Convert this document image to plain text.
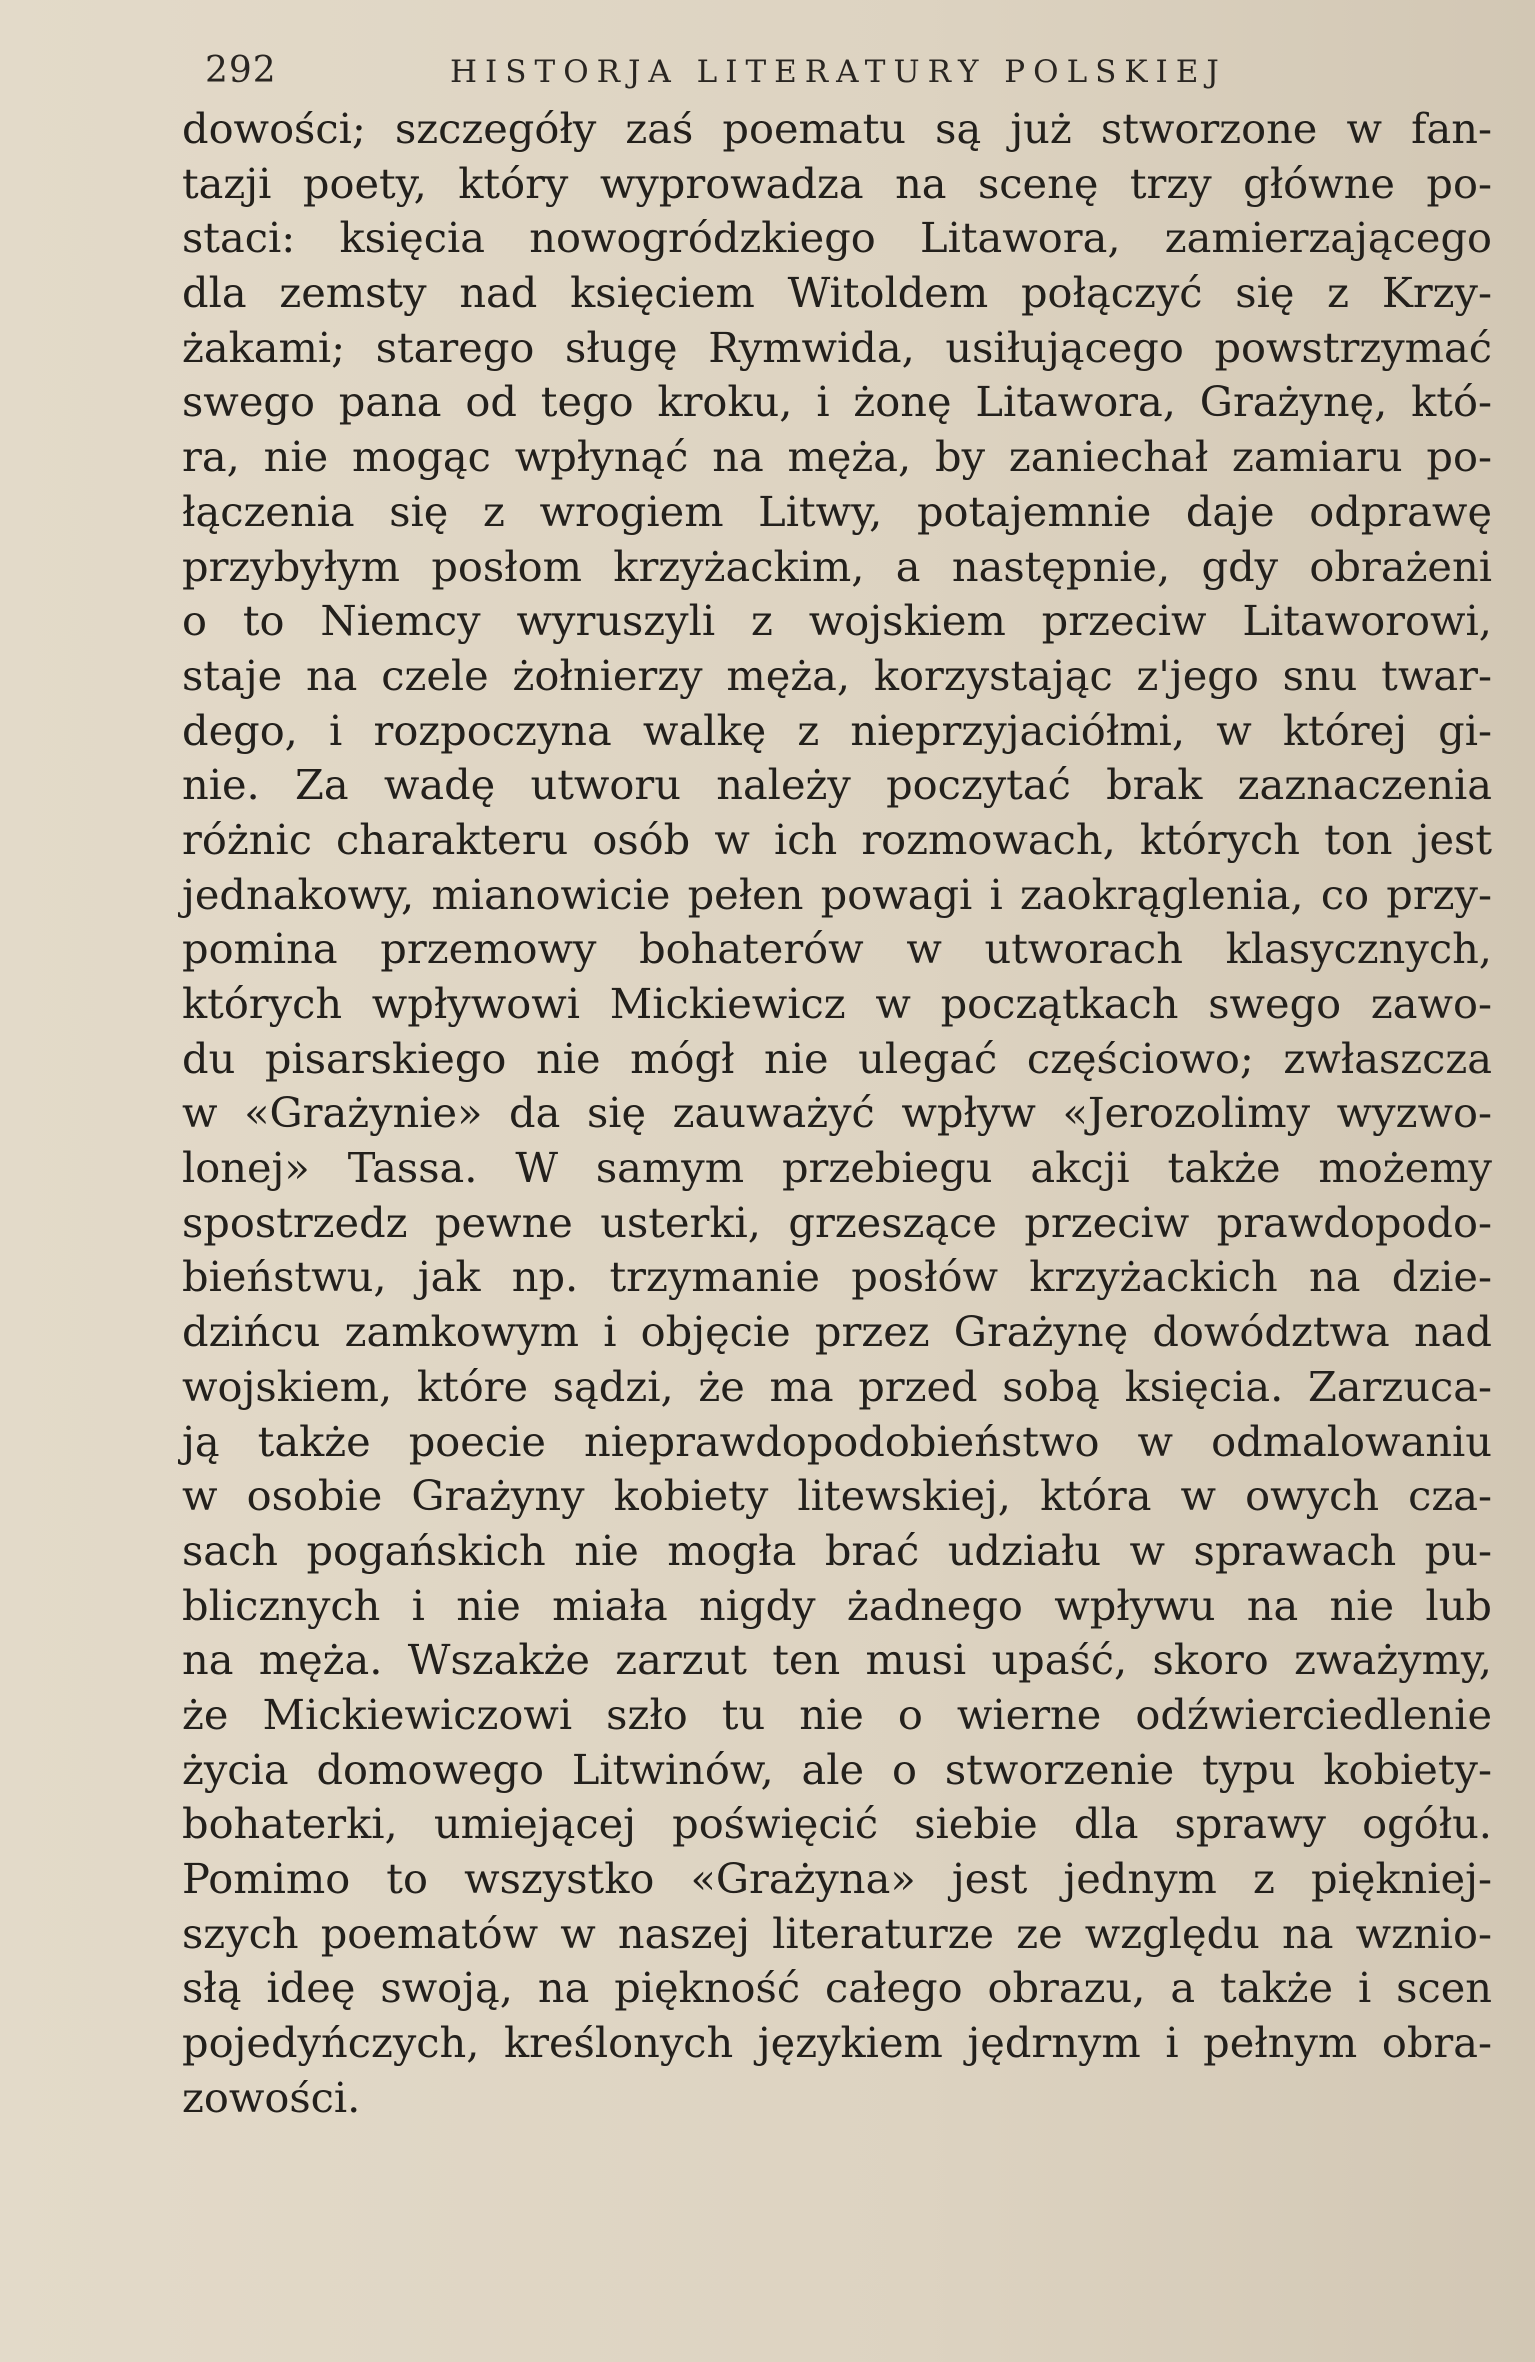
292	HISTORJA LITERATURY POLSKIEJ
dowości; szczegóły zaś poematu są już stworzone w fan-
tazji poety, który wyprowadza na scenę trzy główne po-
staci: księcia nowogródzkiego Litawora, zamierzającego
dla zemsty nad księciem Witoldem połączyć się z Krzy-
żakami; starego sługę Rymwida, usiłującego powstrzymać
swego pana od tego kroku, i żonę Litawora, Grażynę, któ-
ra, nie mogąc wpłynąć na męża, by zaniechał zamiaru po-
łączenia się z wrogiem Litwy, potajemnie daje odprawę
przybyłym posłom krzyżackim, a następnie, gdy obrażeni
o to Niemcy wyruszyli z wojskiem przeciw Litaworowi,
staje na czele żołnierzy męża, korzystając z'jego snu twar-
dego, i rozpoczyna walkę z nieprzyjaciółmi, w której gi-
nie. Za wadę utworu należy poczytać brak zaznaczenia
różnic charakteru osób w ich rozmowach, których ton jest
jednakowy, mianowicie pełen powagi i zaokrąglenia, co przy-
pomina przemowy bohaterów w utworach klasycznych,
których wpływowi Mickiewicz w początkach swego zawo-
du pisarskiego nie mógł nie ulegać częściowo; zwłaszcza
w «Grażynie» da się zauważyć wpływ «Jerozolimy wyzwo-
lonej» Tassa. W samym przebiegu akcji także możemy
spostrzedz pewne usterki, grzeszące przeciw prawdopodo-
bieństwu, jak np. trzymanie posłów krzyżackich na dzie-
dzińcu zamkowym i objęcie przez Grażynę dowództwa nad
wojskiem, które sądzi, że ma przed sobą księcia. Zarzuca-
ją także poecie nieprawdopodobieństwo w odmalowaniu
w osobie Grażyny kobiety litewskiej, która w owych cza-
sach pogańskich nie mogła brać udziału w sprawach pu-
blicznych i nie miała nigdy żadnego wpływu na nie lub
na męża. Wszakże zarzut ten musi upaść, skoro zważymy,
że Mickiewiczowi szło tu nie o wierne odźwierciedlenie
życia domowego Litwinów, ale o stworzenie typu kobiety-
bohaterki, umiejącej poświęcić siebie dla sprawy ogółu.
Pomimo to wszystko «Grażyna» jest jednym z piękniej-
szych poematów w naszej literaturze ze względu na wznio-
słą ideę swoją, na piękność całego obrazu, a także i scen
pojedyńczych, kreślonych językiem jędrnym i pełnym obra-
zowości.
